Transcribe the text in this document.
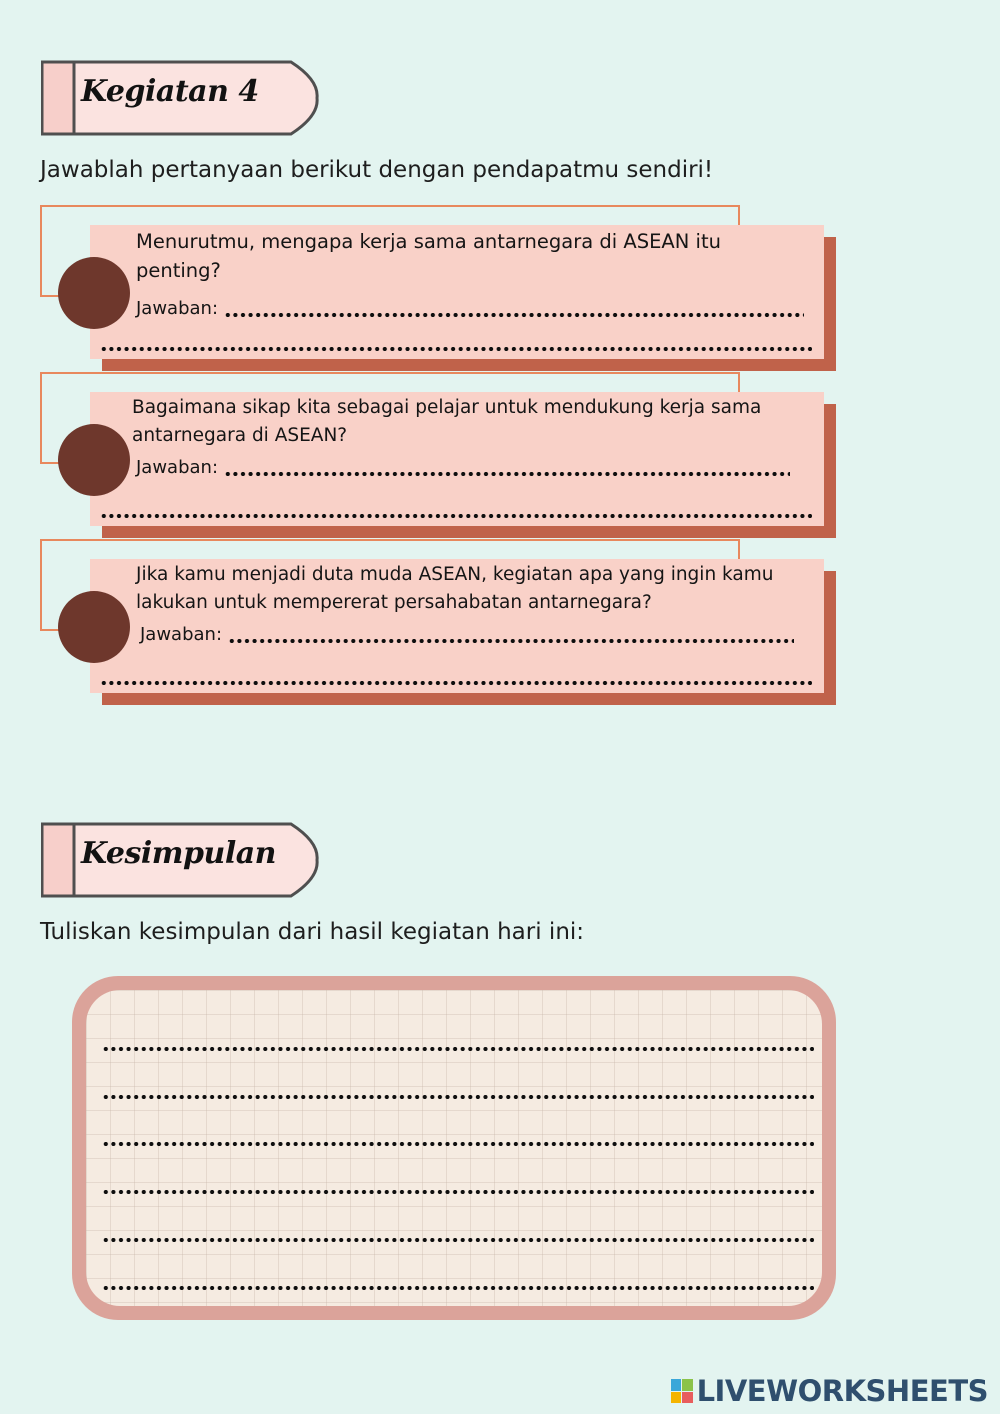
Kegiatan 4
Jawablah pertanyaan berikut dengan pendapatmu sendiri!
Menurutmu, mengapa kerja sama antarnegara di ASEAN itu penting?
Jawaban:
Bagaimana sikap kita sebagai pelajar untuk mendukung kerja sama antarnegara di ASEAN?
Jawaban:
Jika kamu menjadi duta muda ASEAN, kegiatan apa yang ingin kamu lakukan untuk mempererat persahabatan antarnegara?
Jawaban:
Kesimpulan
Tuliskan kesimpulan dari hasil kegiatan hari ini:
LIVEWORKSHEETS
